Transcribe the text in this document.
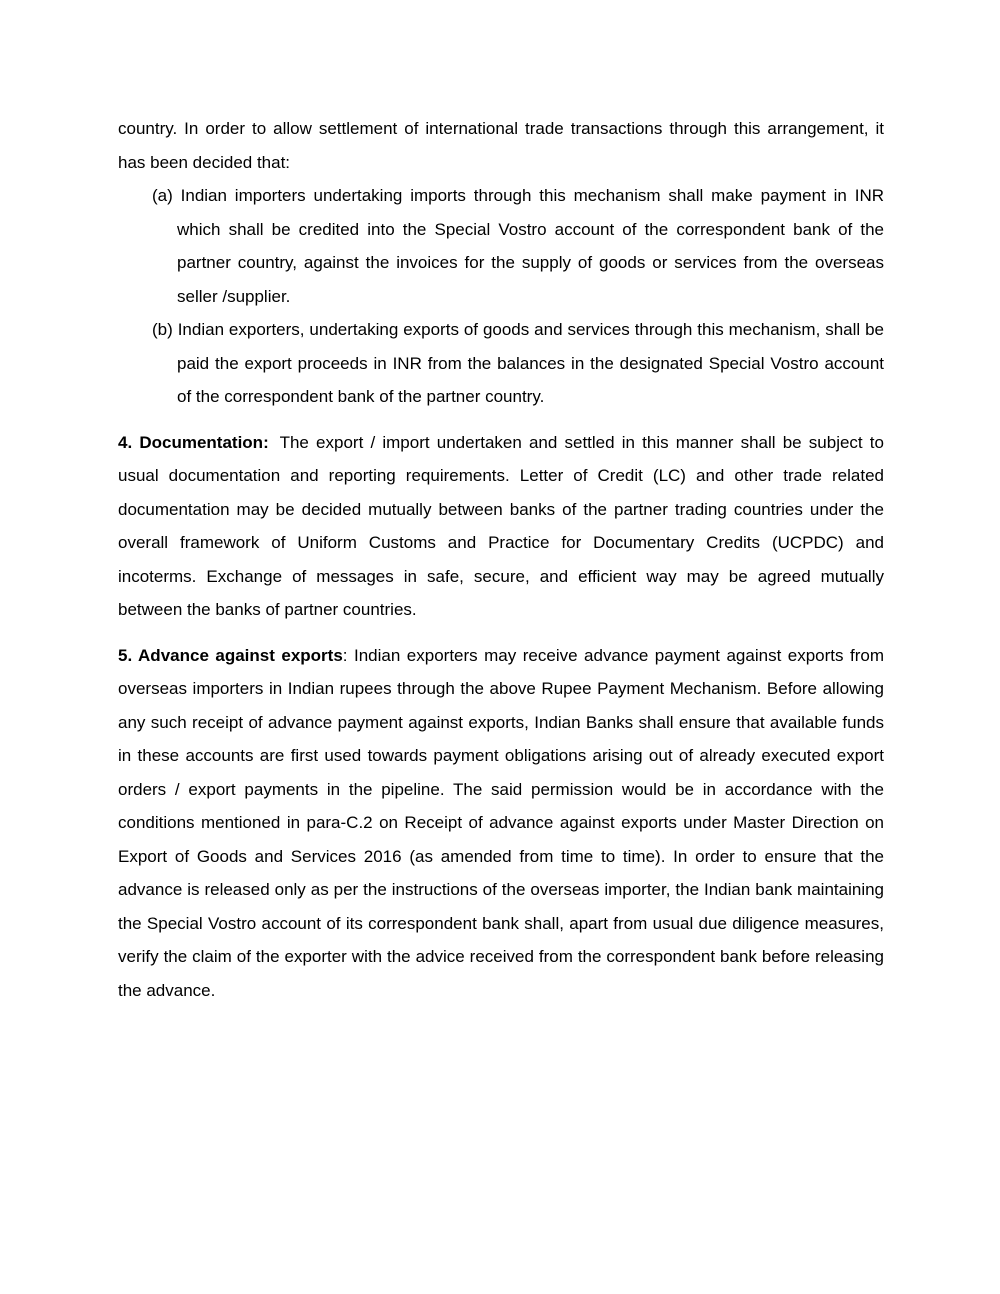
country. In order to allow settlement of international trade transactions through this arrangement, it has been decided that:

(a) Indian importers undertaking imports through this mechanism shall make payment in INR which shall be credited into the Special Vostro account of the correspondent bank of the partner country, against the invoices for the supply of goods or services from the overseas seller /supplier.
(b) Indian exporters, undertaking exports of goods and services through this mechanism, shall be paid the export proceeds in INR from the balances in the designated Special Vostro account of the correspondent bank of the partner country.

4. Documentation: The export / import undertaken and settled in this manner shall be subject to usual documentation and reporting requirements. Letter of Credit (LC) and other trade related documentation may be decided mutually between banks of the partner trading countries under the overall framework of Uniform Customs and Practice for Documentary Credits (UCPDC) and incoterms. Exchange of messages in safe, secure, and efficient way may be agreed mutually between the banks of partner countries.

5. Advance against exports: Indian exporters may receive advance payment against exports from overseas importers in Indian rupees through the above Rupee Payment Mechanism. Before allowing any such receipt of advance payment against exports, Indian Banks shall ensure that available funds in these accounts are first used towards payment obligations arising out of already executed export orders / export payments in the pipeline. The said permission would be in accordance with the conditions mentioned in para-C.2 on Receipt of advance against exports under Master Direction on Export of Goods and Services 2016 (as amended from time to time). In order to ensure that the advance is released only as per the instructions of the overseas importer, the Indian bank maintaining the Special Vostro account of its correspondent bank shall, apart from usual due diligence measures, verify the claim of the exporter with the advice received from the correspondent bank before releasing the advance.
